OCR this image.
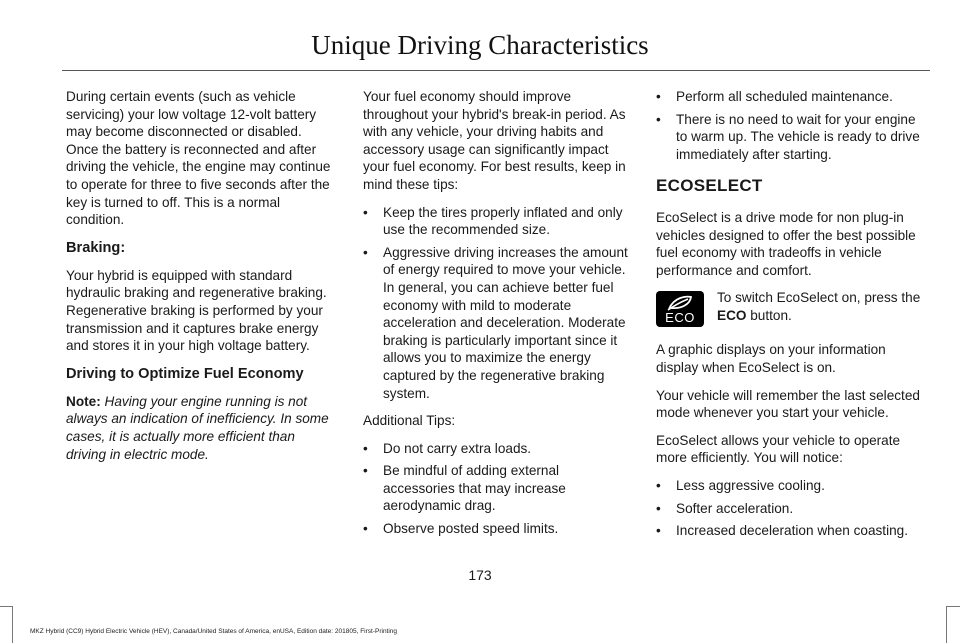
Unique Driving Characteristics

During certain events (such as vehicle servicing) your low voltage 12-volt battery may become disconnected or disabled. Once the battery is reconnected and after driving the vehicle, the engine may continue to operate for three to five seconds after the key is turned to off. This is a normal condition.

Braking:

Your hybrid is equipped with standard hydraulic braking and regenerative braking. Regenerative braking is performed by your transmission and it captures brake energy and stores it in your high voltage battery.

Driving to Optimize Fuel Economy

Note: Having your engine running is not always an indication of inefficiency. In some cases, it is actually more efficient than driving in electric mode.

Your fuel economy should improve throughout your hybrid's break-in period. As with any vehicle, your driving habits and accessory usage can significantly impact your fuel economy. For best results, keep in mind these tips:

• Keep the tires properly inflated and only use the recommended size.
• Aggressive driving increases the amount of energy required to move your vehicle. In general, you can achieve better fuel economy with mild to moderate acceleration and deceleration. Moderate braking is particularly important since it allows you to maximize the energy captured by the regenerative braking system.

Additional Tips:

• Do not carry extra loads.
• Be mindful of adding external accessories that may increase aerodynamic drag.
• Observe posted speed limits.
• Perform all scheduled maintenance.
• There is no need to wait for your engine to warm up. The vehicle is ready to drive immediately after starting.
ECOSELECT

EcoSelect is a drive mode for non plug-in vehicles designed to offer the best possible fuel economy with tradeoffs in vehicle performance and comfort.

ECO
To switch EcoSelect on, press the ECO button.

A graphic displays on your information display when EcoSelect is on.

Your vehicle will remember the last selected mode whenever you start your vehicle.

EcoSelect allows your vehicle to operate more efficiently. You will notice:

• Less aggressive cooling.
• Softer acceleration.
• Increased deceleration when coasting.
173
MKZ Hybrid (CC9) Hybrid Electric Vehicle (HEV), Canada/United States of America, enUSA, Edition date: 201805, First-Printing
